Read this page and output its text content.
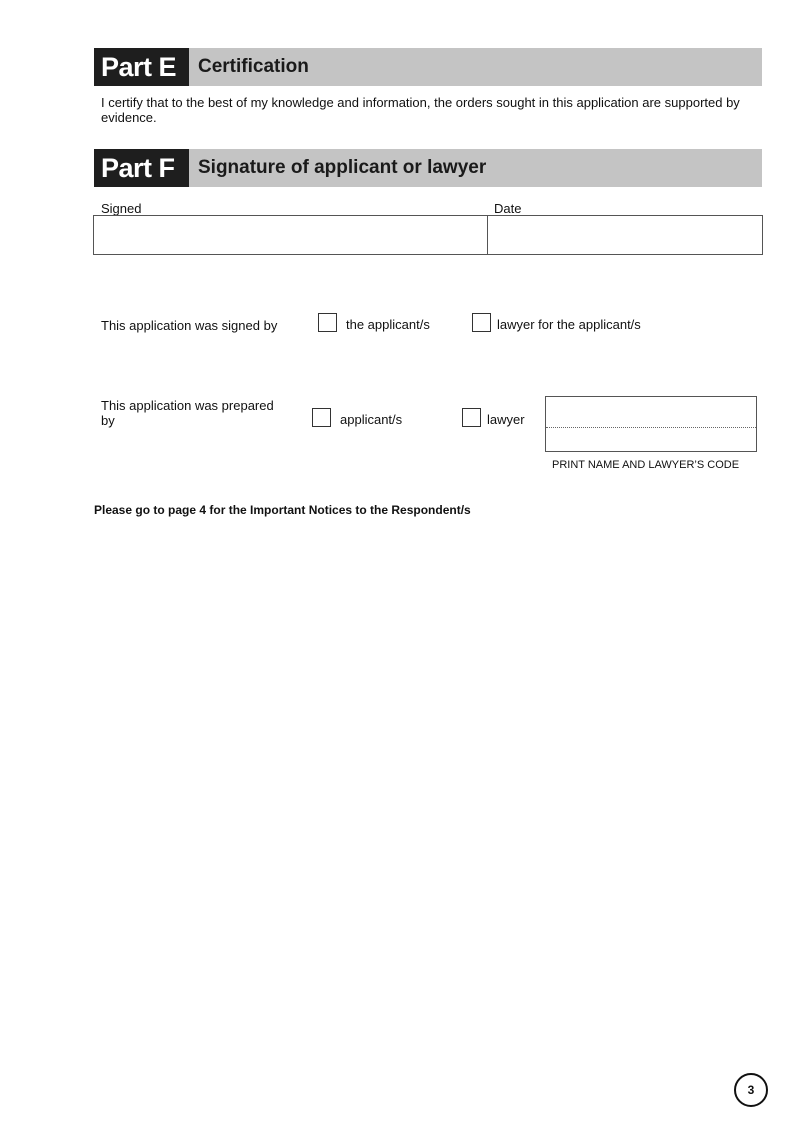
Part E	Certification
I certify that to the best of my knowledge and information, the orders sought in this application are supported by evidence.
Part F	Signature of applicant or lawyer
Signed	Date
This application was signed by	the applicant/s	lawyer for the applicant/s
This application was prepared by	applicant/s	lawyer
PRINT NAME AND LAWYER’S CODE
Please go to page 4 for the Important Notices to the Respondent/s
3
